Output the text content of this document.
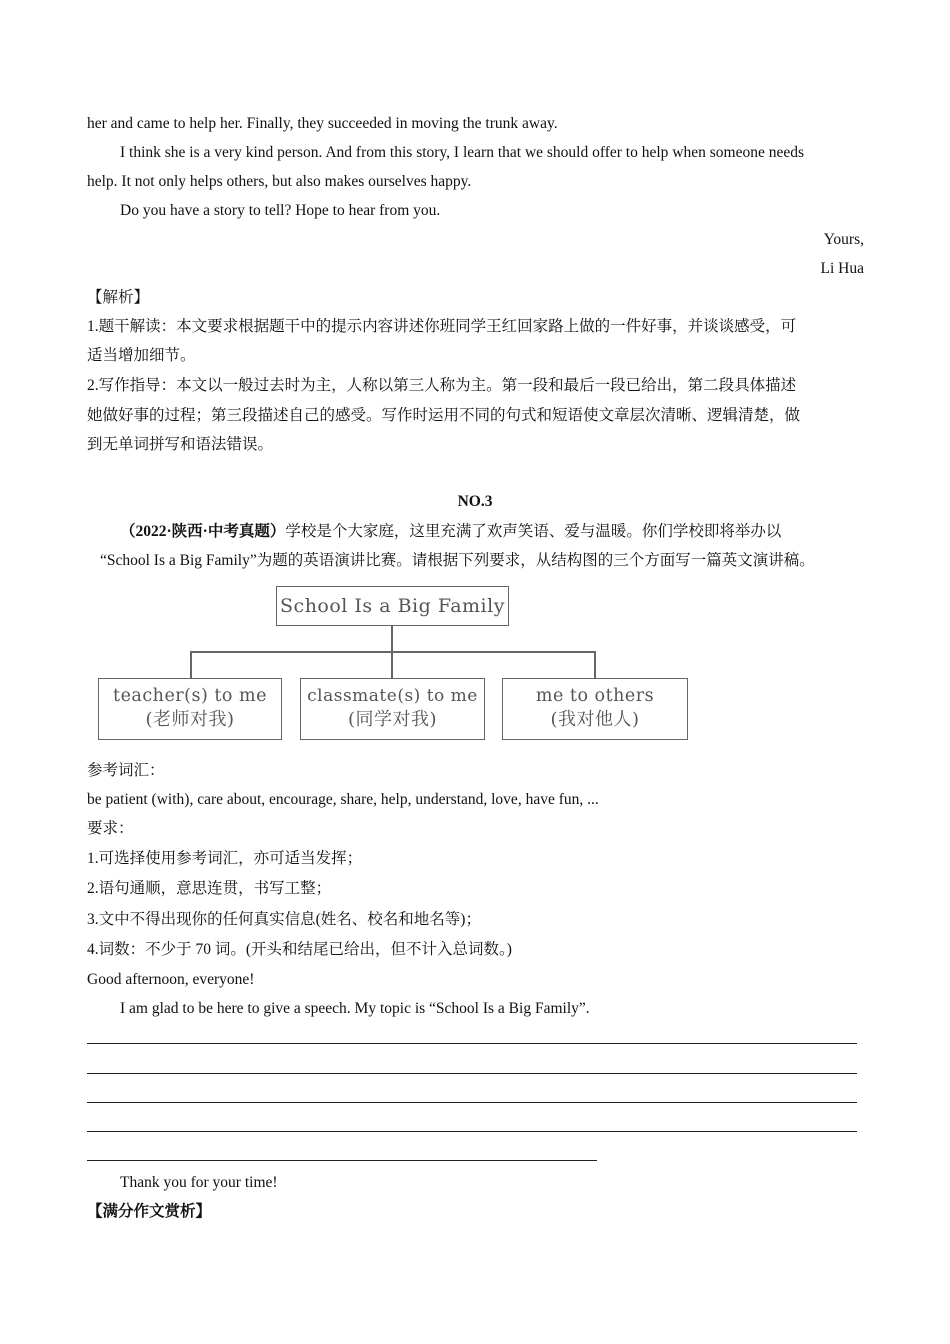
her and came to help her. Finally, they succeeded in moving the trunk away.
I think she is a very kind person. And from this story, I learn that we should offer to help when someone needs
help. It not only helps others, but also makes ourselves happy.
Do you have a story to tell? Hope to hear from you.
Yours,
Li Hua
【解析】
1.题干解读：本文要求根据题干中的提示内容讲述你班同学王红回家路上做的一件好事，并谈谈感受，可
适当增加细节。
2.写作指导：本文以一般过去时为主，人称以第三人称为主。第一段和最后一段已给出，第二段具体描述
她做好事的过程；第三段描述自己的感受。写作时运用不同的句式和短语使文章层次清晰、逻辑清楚，做
到无单词拼写和语法错误。
NO.3
（2022·陕西·中考真题）学校是个大家庭，这里充满了欢声笑语、爱与温暖。你们学校即将举办以
“School Is a Big Family”为题的英语演讲比赛。请根据下列要求，从结构图的三个方面写一篇英文演讲稿。
School Is a Big Family
teacher(s) to me
(老师对我)
classmate(s) to me
(同学对我)
me to others
(我对他人)
参考词汇：
be patient (with), care about, encourage, share, help, understand, love, have fun, ...
要求：
1.可选择使用参考词汇，亦可适当发挥；
2.语句通顺，意思连贯，书写工整；
3.文中不得出现你的任何真实信息(姓名、校名和地名等)；
4.词数：不少于 70 词。(开头和结尾已给出，但不计入总词数。)
Good afternoon, everyone!
I am glad to be here to give a speech. My topic is “School Is a Big Family”.
Thank you for your time!
【满分作文赏析】
